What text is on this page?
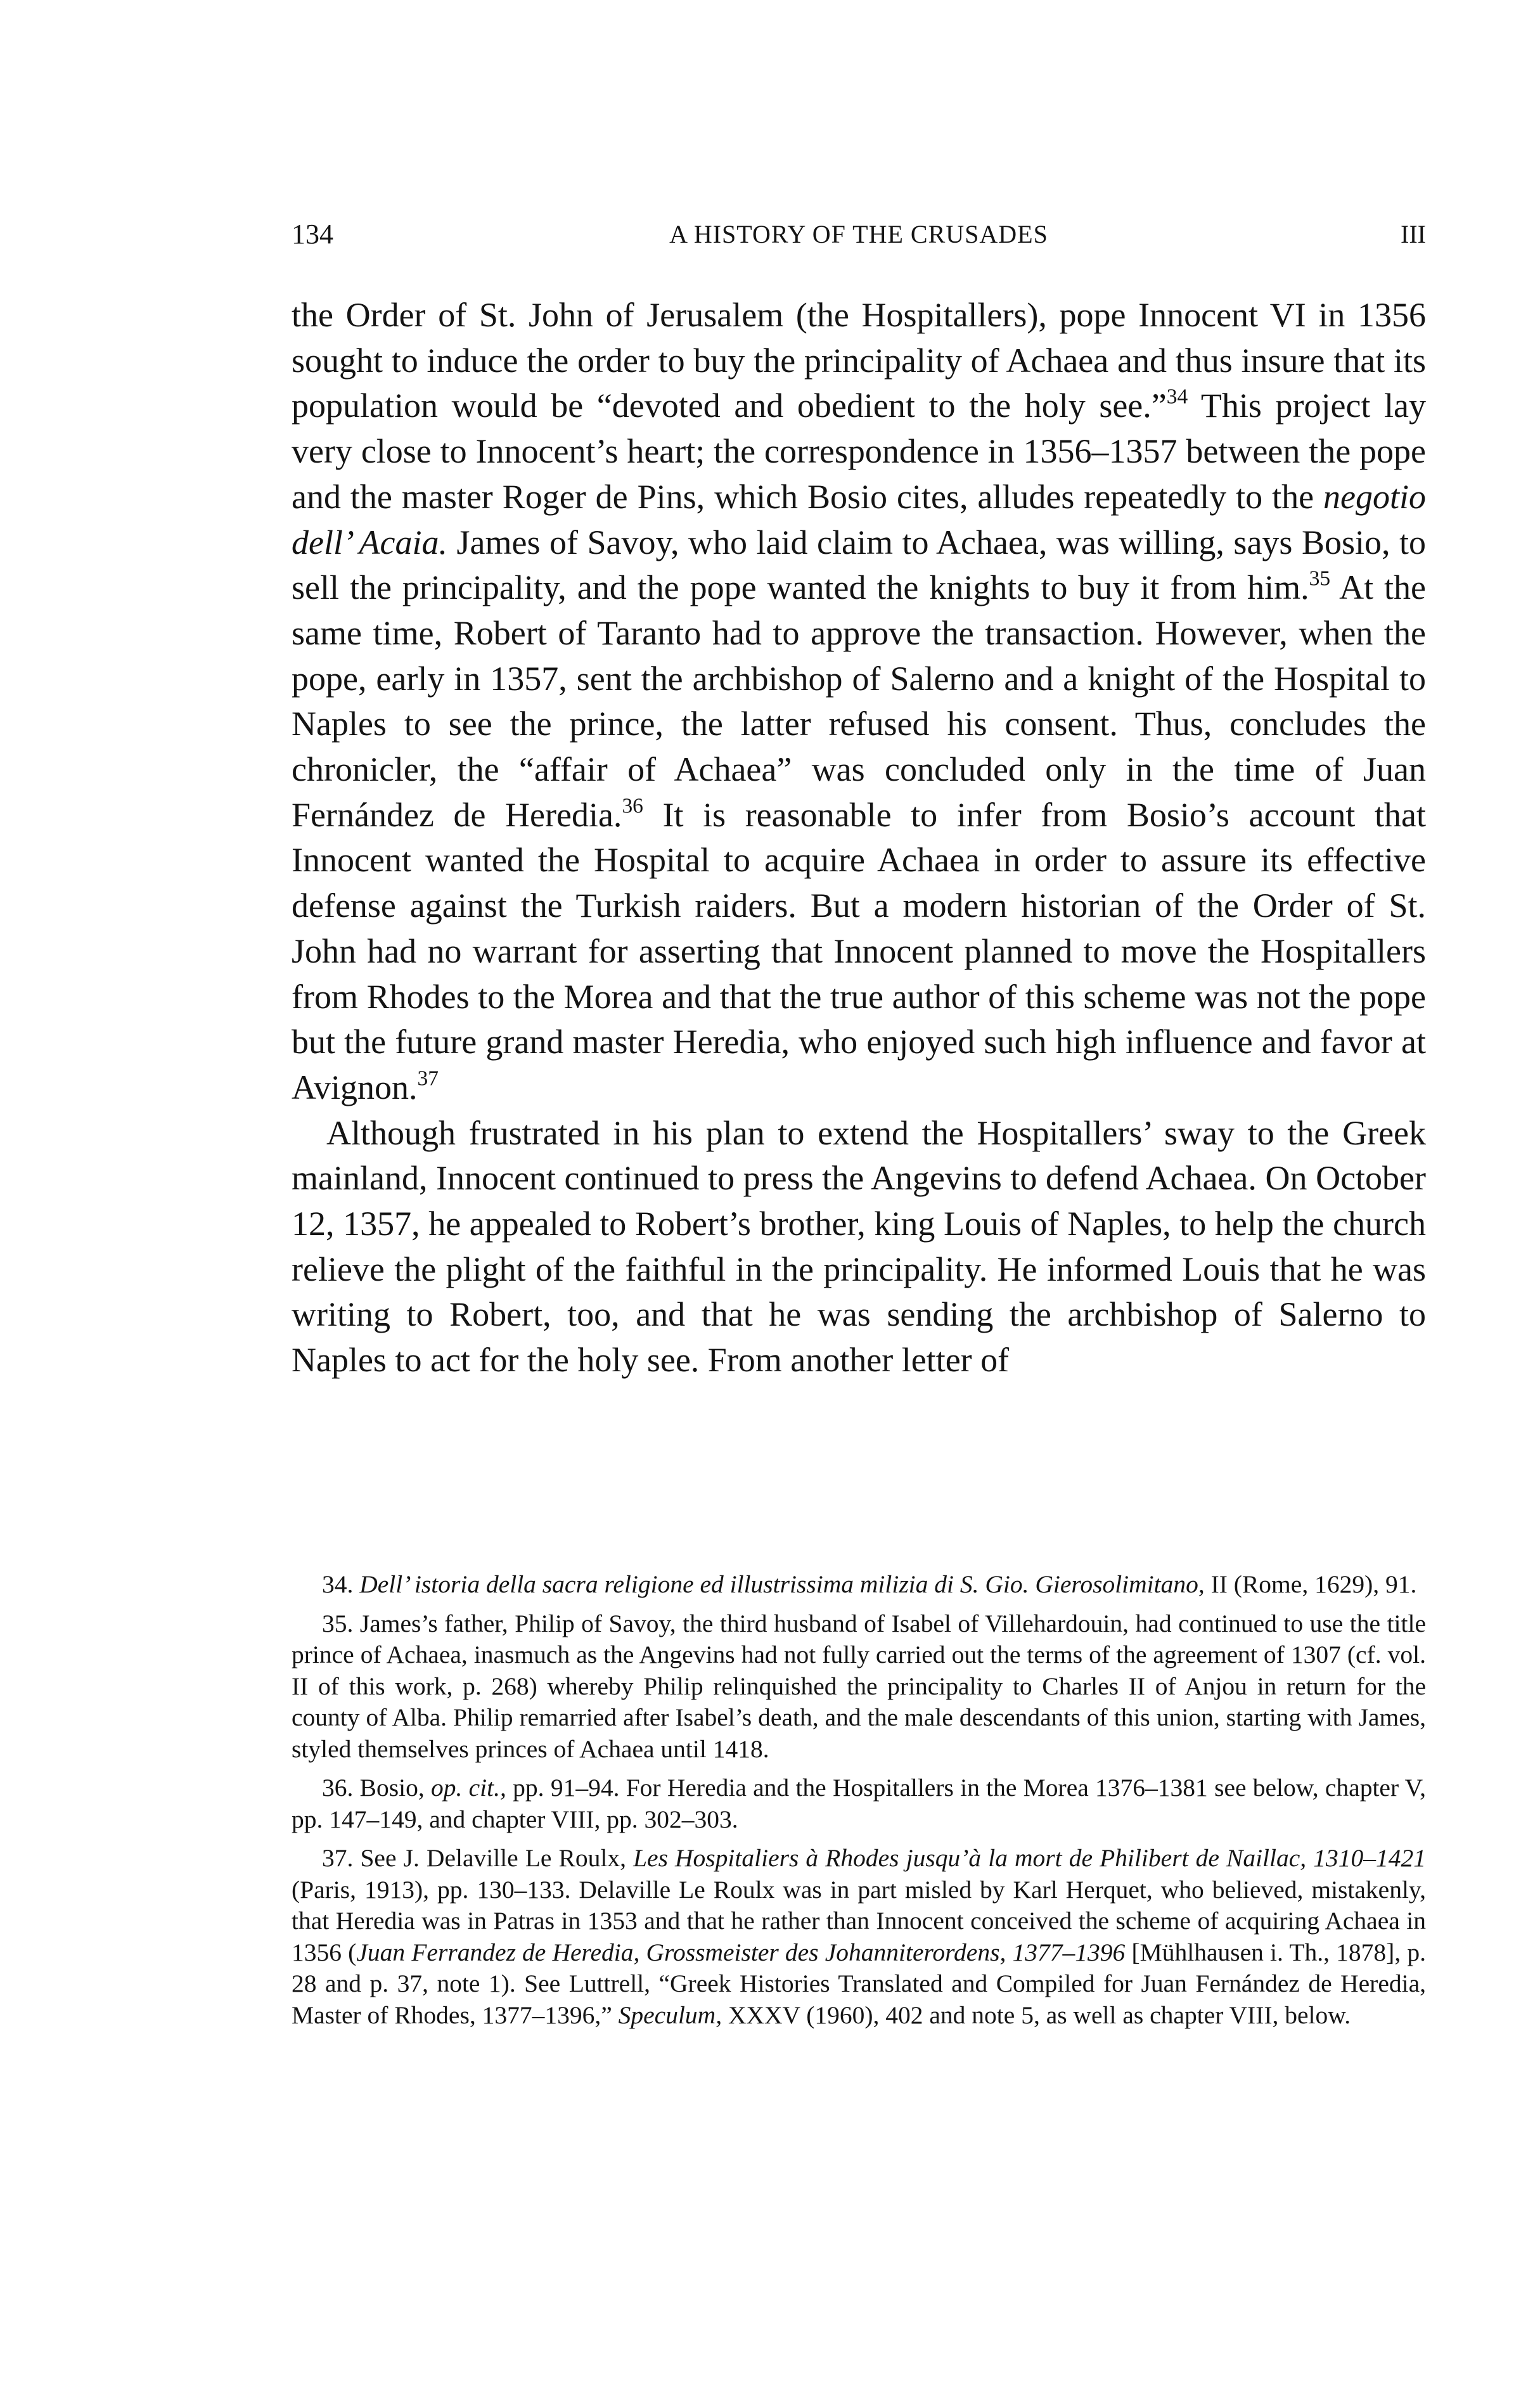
134	A HISTORY OF THE CRUSADES	III

the Order of St. John of Jerusalem (the Hospitallers), pope Innocent VI in 1356 sought to induce the order to buy the principality of Achaea and thus insure that its population would be “devoted and obedient to the holy see.”$^{34}$ This project lay very close to Innocent’s heart; the correspondence in 1356–1357 between the pope and the master Roger de Pins, which Bosio cites, alludes repeatedly to the negotio dell’ Acaia. James of Savoy, who laid claim to Achaea, was willing, says Bosio, to sell the principality, and the pope wanted the knights to buy it from him.$^{35}$ At the same time, Robert of Taranto had to approve the transaction. However, when the pope, early in 1357, sent the archbishop of Salerno and a knight of the Hospital to Naples to see the prince, the latter refused his consent. Thus, concludes the chronicler, the “affair of Achaea” was concluded only in the time of Juan Fernández de Heredia.$^{36}$ It is reasonable to infer from Bosio’s account that Innocent wanted the Hospital to acquire Achaea in order to assure its effective defense against the Turkish raiders. But a modern historian of the Order of St. John had no warrant for asserting that Innocent planned to move the Hospitallers from Rhodes to the Morea and that the true author of this scheme was not the pope but the future grand master Heredia, who enjoyed such high influence and favor at Avignon.$^{37}$

Although frustrated in his plan to extend the Hospitallers’ sway to the Greek mainland, Innocent continued to press the Angevins to defend Achaea. On October 12, 1357, he appealed to Robert’s brother, king Louis of Naples, to help the church relieve the plight of the faithful in the principality. He informed Louis that he was writing to Robert, too, and that he was sending the archbishop of Salerno to Naples to act for the holy see. From another letter of

34. Dell’ istoria della sacra religione ed illustrissima milizia di S. Gio. Gierosolimitano, II (Rome, 1629), 91.

35. James’s father, Philip of Savoy, the third husband of Isabel of Villehardouin, had continued to use the title prince of Achaea, inasmuch as the Angevins had not fully carried out the terms of the agreement of 1307 (cf. vol. II of this work, p. 268) whereby Philip relinquished the principality to Charles II of Anjou in return for the county of Alba. Philip remarried after Isabel’s death, and the male descendants of this union, starting with James, styled themselves princes of Achaea until 1418.

36. Bosio, op. cit., pp. 91–94. For Heredia and the Hospitallers in the Morea 1376–1381 see below, chapter V, pp. 147–149, and chapter VIII, pp. 302–303.

37. See J. Delaville Le Roulx, Les Hospitaliers à Rhodes jusqu’à la mort de Philibert de Naillac, 1310–1421 (Paris, 1913), pp. 130–133. Delaville Le Roulx was in part misled by Karl Herquet, who believed, mistakenly, that Heredia was in Patras in 1353 and that he rather than Innocent conceived the scheme of acquiring Achaea in 1356 (Juan Ferrandez de Heredia, Grossmeister des Johanniterordens, 1377–1396 [Mühlhausen i. Th., 1878], p. 28 and p. 37, note 1). See Luttrell, “Greek Histories Translated and Compiled for Juan Fernández de Heredia, Master of Rhodes, 1377–1396,” Speculum, XXXV (1960), 402 and note 5, as well as chapter VIII, below.
